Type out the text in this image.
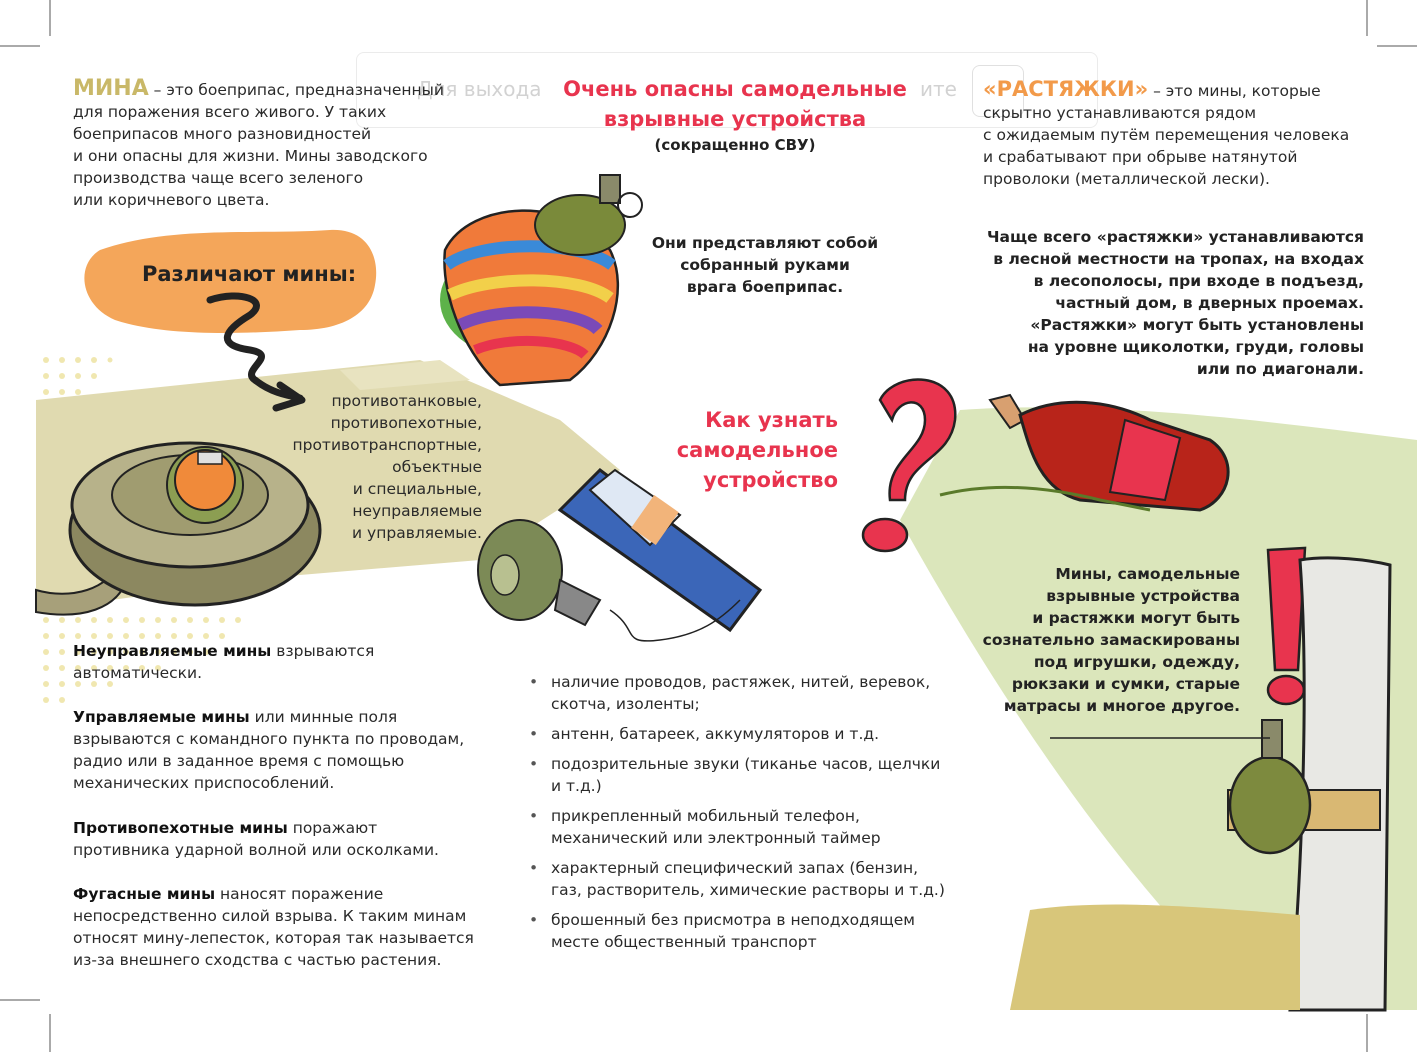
Для выхода	ите
МИНА – это боеприпас, предназначенный
для поражения всего живого. У таких
боеприпасов много разновидностей
и они опасны для жизни. Мины заводского
производства чаще всего зеленого
или коричневого цвета.
Различают мины:
противотанковые,
противопехотные,
противотранспортные,
объектные
и специальные,
неуправляемые
и управляемые.
Неуправляемые мины взрываются
автоматически.
Управляемые мины или минные поля
взрываются с командного пункта по проводам,
радио или в заданное время с помощью
механических приспособлений.
Противопехотные мины поражают
противника ударной волной или осколками.
Фугасные мины наносят поражение
непосредственно силой взрыва. К таким минам
относят мину-лепесток, которая так называется
из-за внешнего сходства с частью растения.
Очень опасны самодельные
взрывные устройства
(сокращенно СВУ)
Они представляют собой
собранный руками
врага боеприпас.
Как узнать
самодельное
устройство
• наличие проводов, растяжек, нитей, веревок, скотча, изоленты;
• антенн, батареек, аккумуляторов и т.д.
• подозрительные звуки (тиканье часов, щелчки и т.д.)
• прикрепленный мобильный телефон, механический или электронный таймер
• характерный специфический запах (бензин, газ, растворитель, химические растворы и т.д.)
• брошенный без присмотра в неподходящем месте общественный транспорт
«РАСТЯЖКИ» – это мины, которые
скрытно устанавливаются рядом
с ожидаемым путём перемещения человека
и срабатывают при обрыве натянутой
проволоки (металлической лески).
Чаще всего «растяжки» устанавливаются
в лесной местности на тропах, на входах
в лесополосы, при входе в подъезд,
частный дом, в дверных проемах.
«Растяжки» могут быть установлены
на уровне щиколотки, груди, головы
или по диагонали.
Мины, самодельные
взрывные устройства
и растяжки могут быть
сознательно замаскированы
под игрушки, одежду,
рюкзаки и сумки, старые
матрасы и многое другое.
